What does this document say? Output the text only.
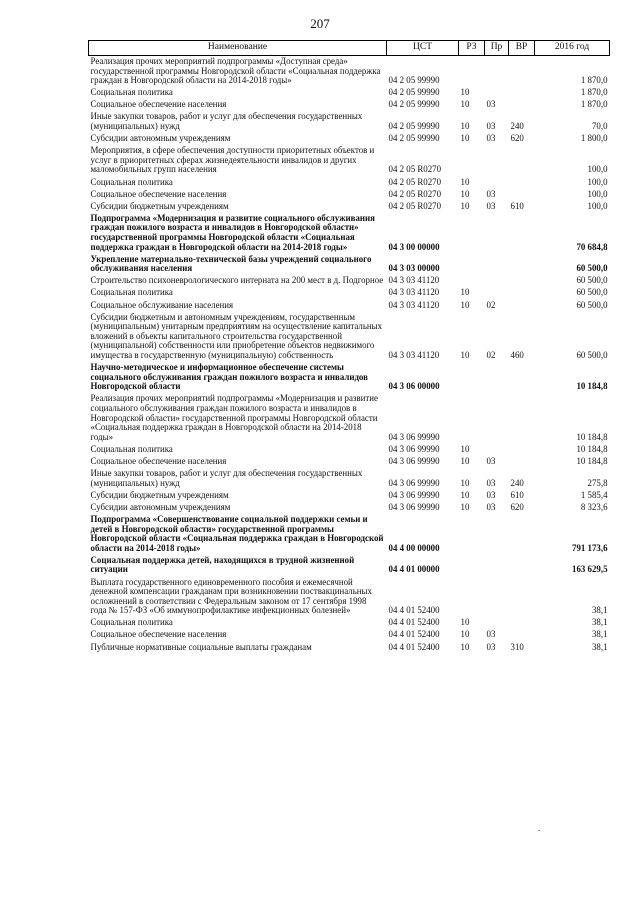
207
Наименование	ЦСТ	РЗ	Пр	ВР	2016 год
Реализация прочих мероприятий подпрограммы «Доступная среда» государственной программы Новгородской области «Социальная поддержка граждан в Новгородской области на 2014-2018 годы»	04 2 05 99990				1 870,0
Социальная политика	04 2 05 99990	10			1 870,0
Социальное обеспечение населения	04 2 05 99990	10	03		1 870,0
Иные закупки товаров, работ и услуг для обеспечения государственных (муниципальных) нужд	04 2 05 99990	10	03	240	70,0
Субсидии автономным учреждениям	04 2 05 99990	10	03	620	1 800,0
Мероприятия, в сфере обеспечения доступности приоритетных объектов и услуг в приоритетных сферах жизнедеятельности инвалидов и других маломобильных групп населения	04 2 05 R0270				100,0
Социальная политика	04 2 05 R0270	10			100,0
Социальное обеспечение населения	04 2 05 R0270	10	03		100,0
Субсидии бюджетным учреждениям	04 2 05 R0270	10	03	610	100,0
Подпрограмма «Модернизация и развитие социального обслуживания граждан пожилого возраста и инвалидов в Новгородской области» государственной программы Новгородской области «Социальная поддержка граждан в Новгородской области на 2014-2018 годы»	04 3 00 00000				70 684,8
Укрепление материально-технической базы учреждений социального обслуживания населения	04 3 03 00000				60 500,0
Строительство психоневрологического интерната на 200 мест в д. Подгорное	04 3 03 41120				60 500,0
Социальная политика	04 3 03 41120	10			60 500,0
Социальное обслуживание населения	04 3 03 41120	10	02		60 500,0
Субсидии бюджетным и автономным учреждениям, государственным (муниципальным) унитарным предприятиям на осуществление капитальных вложений в объекты капитального строительства государственной (муниципальной) собственности или приобретение объектов недвижимого имущества в государственную (муниципальную) собственность	04 3 03 41120	10	02	460	60 500,0
Научно-методическое и информационное обеспечение системы социального обслуживания граждан пожилого возраста и инвалидов Новгородской области	04 3 06 00000				10 184,8
Реализация прочих мероприятий подпрограммы «Модернизация и развитие социального обслуживания граждан пожилого возраста и инвалидов в Новгородской области» государственной программы Новгородской области «Социальная поддержка граждан в Новгородской области на 2014-2018 годы»	04 3 06 99990				10 184,8
Социальная политика	04 3 06 99990	10			10 184,8
Социальное обеспечение населения	04 3 06 99990	10	03		10 184,8
Иные закупки товаров, работ и услуг для обеспечения государственных (муниципальных) нужд	04 3 06 99990	10	03	240	275,8
Субсидии бюджетным учреждениям	04 3 06 99990	10	03	610	1 585,4
Субсидии автономным учреждениям	04 3 06 99990	10	03	620	8 323,6
Подпрограмма «Совершенствование социальной поддержки семьи и детей в Новгородской области» государственной программы Новгородской области «Социальная поддержка граждан в Новгородской области на 2014-2018 годы»	04 4 00 00000				791 173,6
Социальная поддержка детей, находящихся в трудной жизненной ситуации	04 4 01 00000				163 629,5
Выплата государственного единовременного пособия и ежемесячной денежной компенсации гражданам при возникновении поствакцинальных осложнений в соответствии с Федеральным законом от 17 сентября 1998 года № 157-ФЗ «Об иммунопрофилактике инфекционных болезней»	04 4 01 52400				38,1
Социальная политика	04 4 01 52400	10			38,1
Социальное обеспечение населения	04 4 01 52400	10	03		38,1
Публичные нормативные социальные выплаты гражданам	04 4 01 52400	10	03	310	38,1
.
